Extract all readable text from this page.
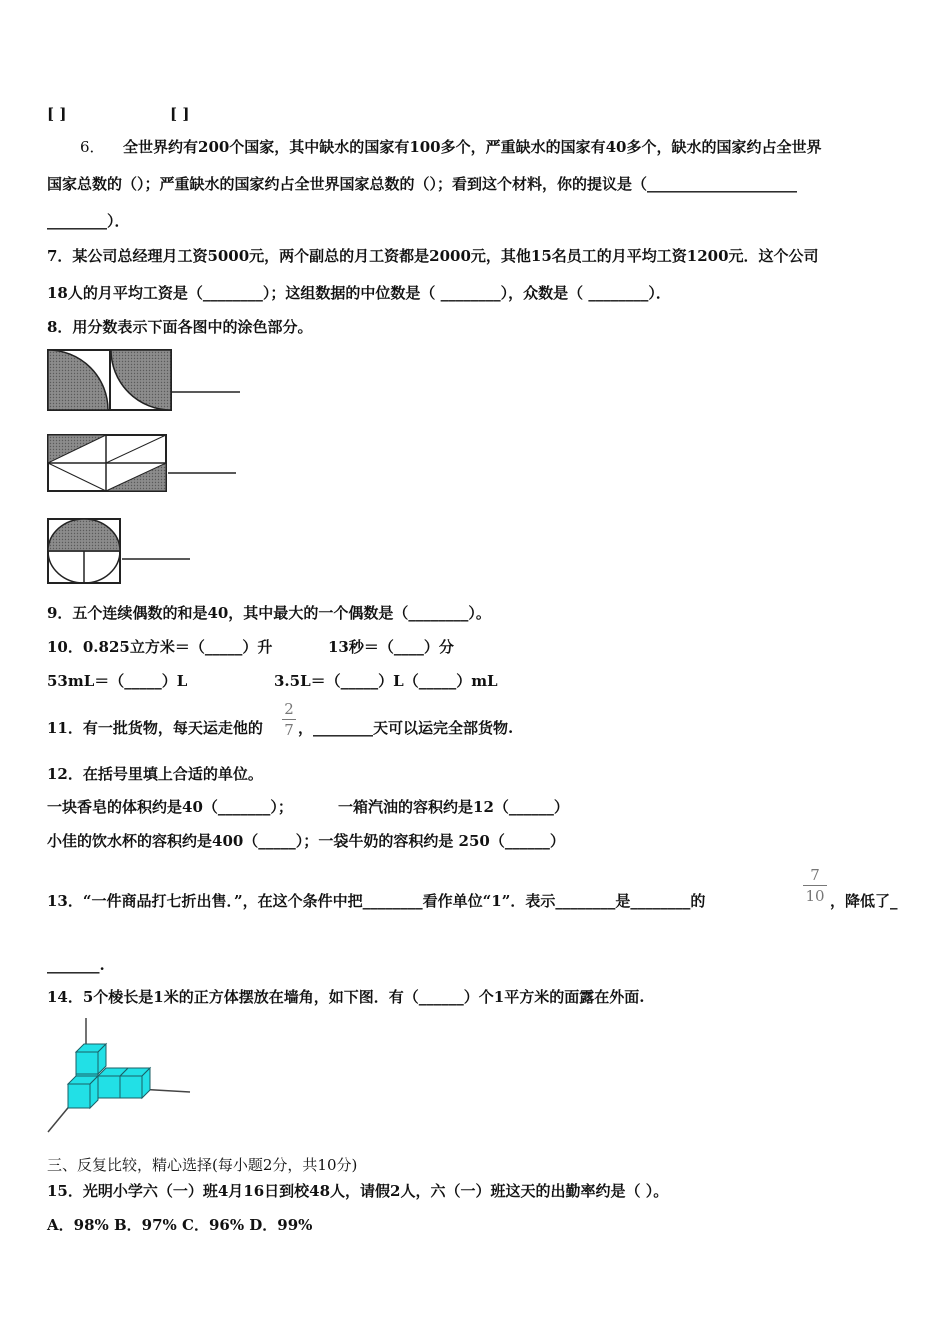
[ ]	[ ]
6． 全世界约有200个国家，其中缺水的国家有100多个，严重缺水的国家有40多个，缺水的国家约占全世界
国家总数的（）；严重缺水的国家约占全世界国家总数的（）；看到这个材料，你的提议是（____________________
________）．
7．某公司总经理月工资5000元，两个副总的月工资都是2000元，其他15名员工的月平均工资1200元．这个公司
18人的月平均工资是（________）；这组数据的中位数是（ ________），众数是（ ________）．
8．用分数表示下面各图中的涂色部分。
9．五个连续偶数的和是40，其中最大的一个偶数是（________）。
10．0.825立方米＝（_____）升	13秒＝（____）分
53mL＝（_____）L	3.5L＝（_____）L（_____）mL
11．有一批货物，每天运走他的
2
7 ，________天可以运完全部货物.
12．在括号里填上合适的单位。
一块香皂的体积约是40（_______）；	一箱汽油的容积约是12（______）
小佳的饮水杯的容积约是400（_____）；一袋牛奶的容积约是 250（______）
13．“一件商品打七折出售．”，在这个条件中把________看作单位“1”．表示________是________的
7
10 ，降低了_
_______.
14．5个棱长是1米的正方体摆放在墙角，如下图．有（______）个1平方米的面露在外面.
三、反复比较，精心选择(每小题2分，共10分)
15．光明小学六（一）班4月16日到校48人，请假2人，六（一）班这天的出勤率约是（ ）。
A．98% B．97% C．96% D．99%
